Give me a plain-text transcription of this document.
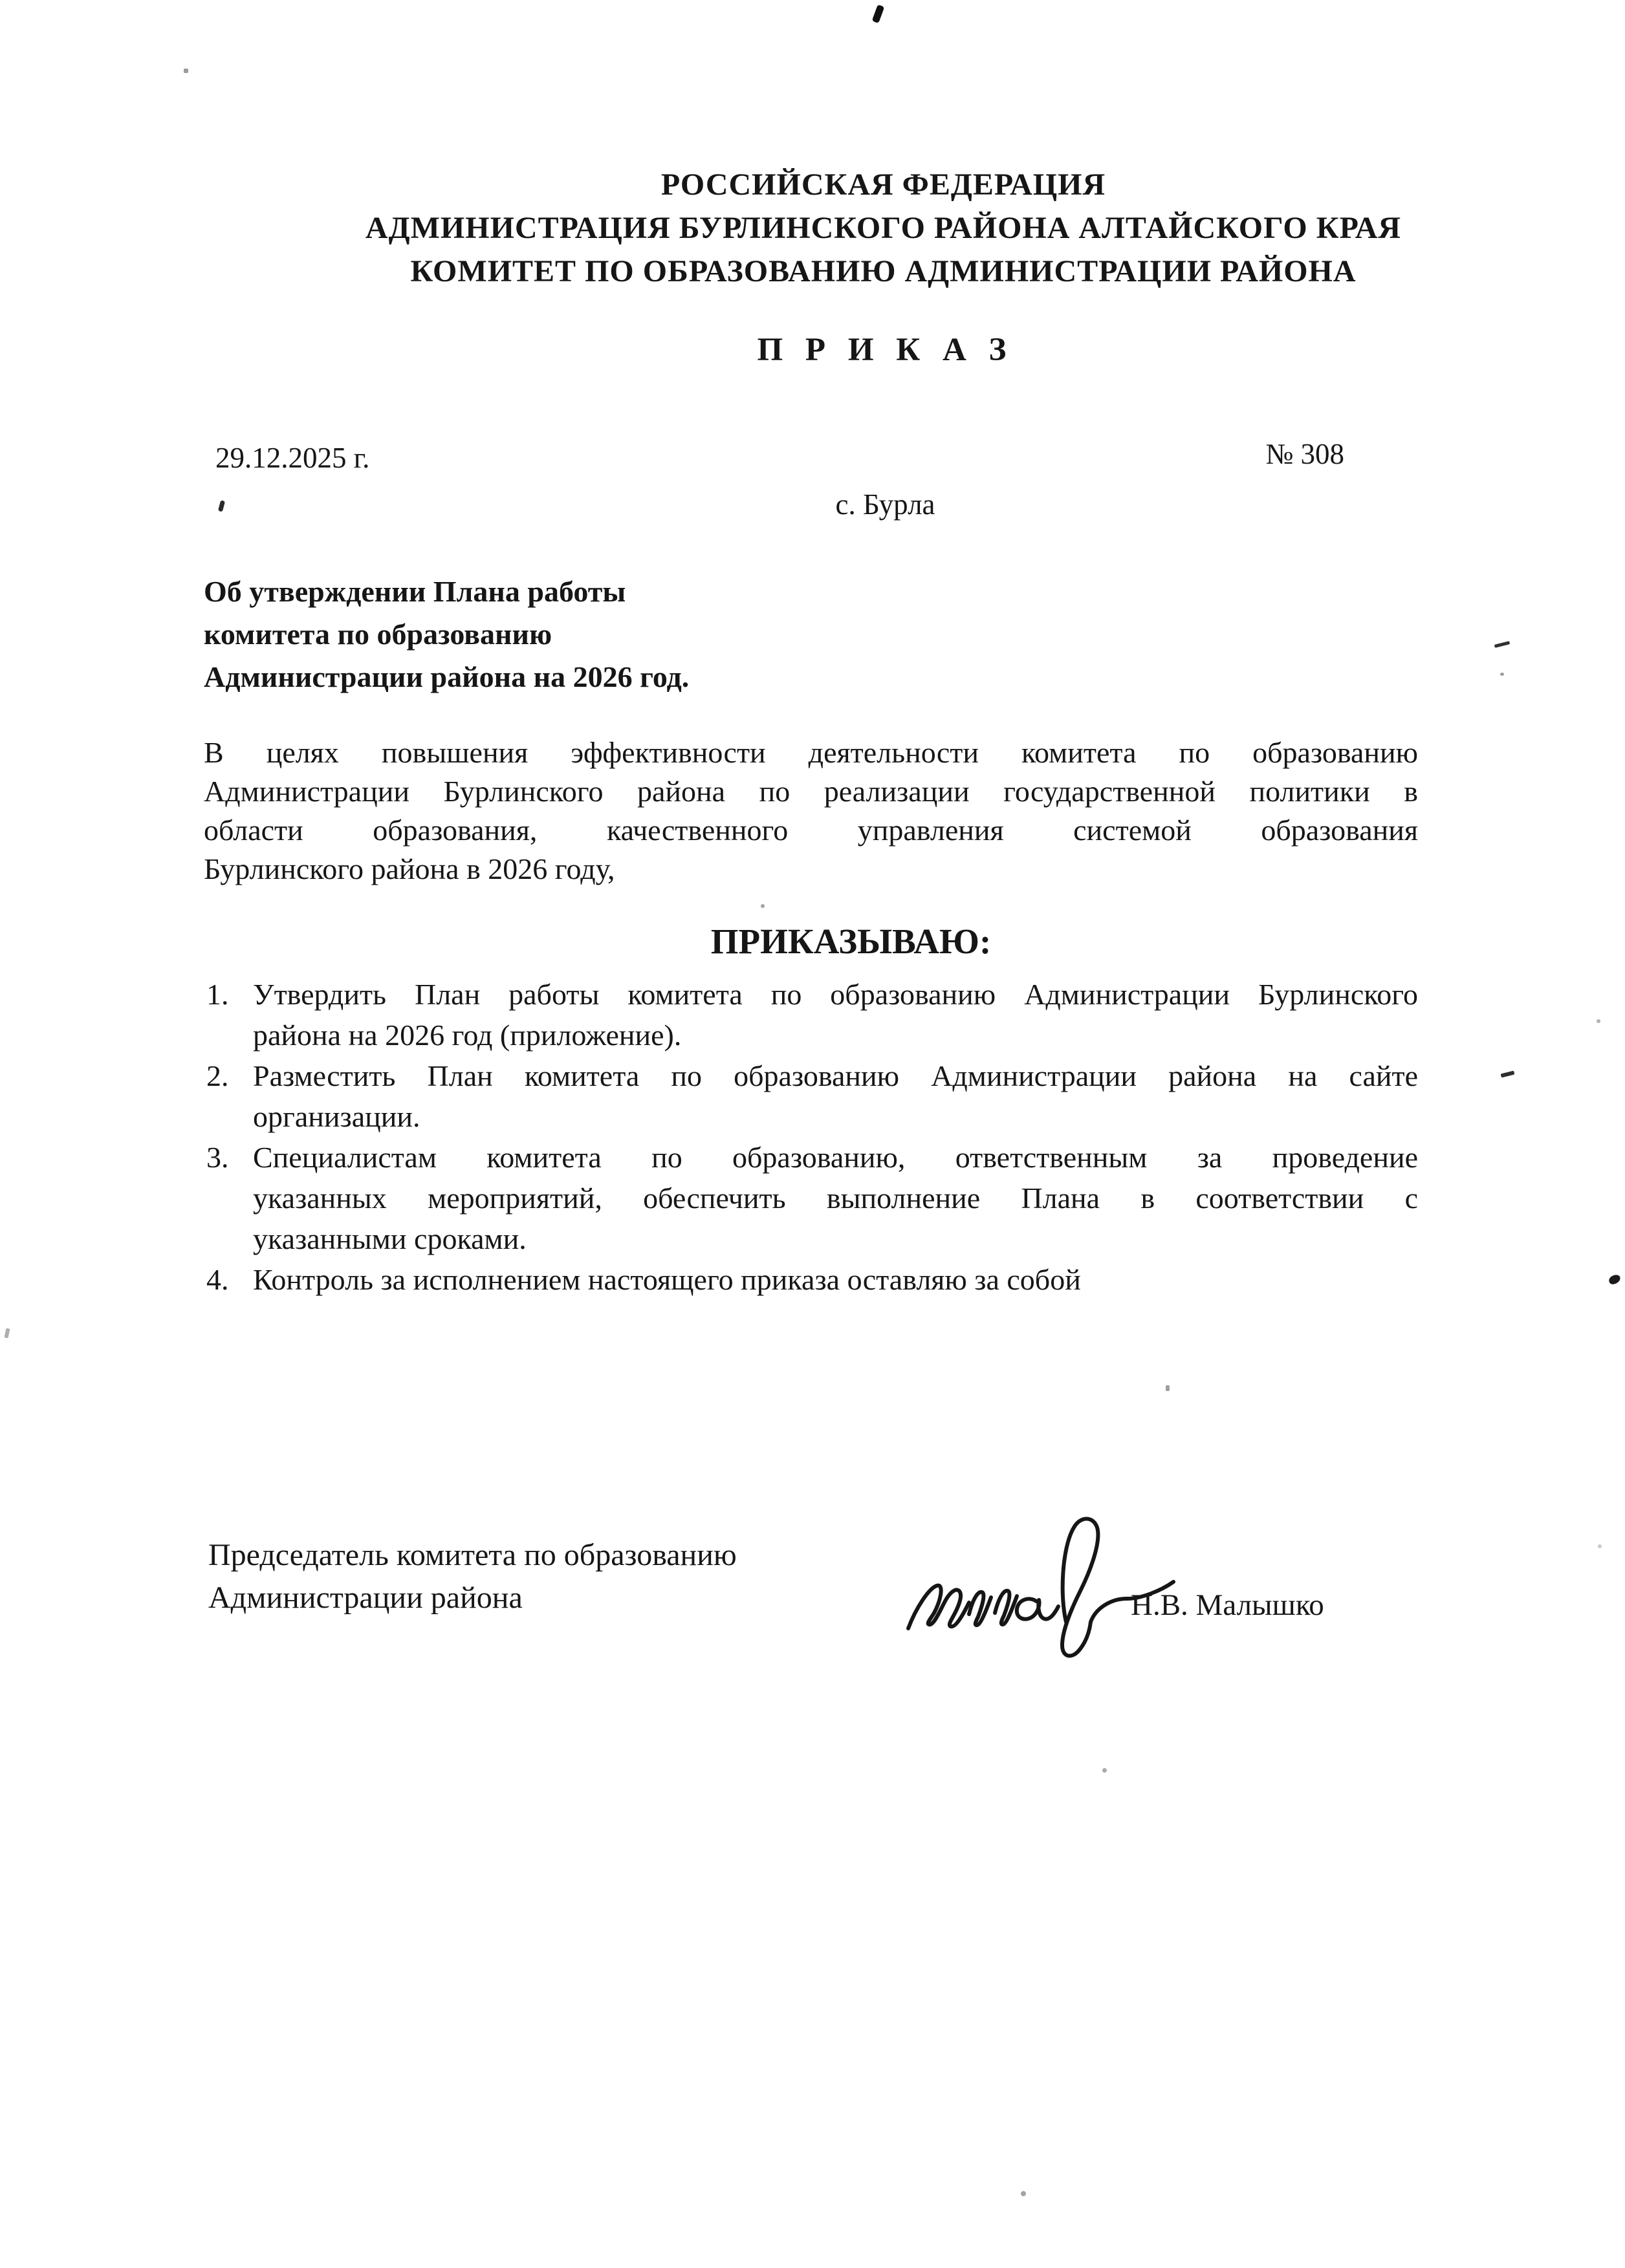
РОССИЙСКАЯ ФЕДЕРАЦИЯ
АДМИНИСТРАЦИЯ БУРЛИНСКОГО РАЙОНА АЛТАЙСКОГО КРАЯ
КОМИТЕТ ПО ОБРАЗОВАНИЮ АДМИНИСТРАЦИИ РАЙОНА
П Р И К А З
29.12.2025 г.	№ 308
с. Бурла
Об утверждении Плана работы
комитета по образованию
Администрации района на 2026 год.
В целях повышения эффективности деятельности комитета по образованию
Администрации Бурлинского района по реализации государственной политики в
области образования, качественного управления системой образования
Бурлинского района в 2026 году,
ПРИКАЗЫВАЮ:
1. Утвердить План работы комитета по образованию Администрации Бурлинского
района на 2026 год (приложение).
2. Разместить План комитета по образованию Администрации района на сайте
организации.
3. Специалистам комитета по образованию, ответственным за проведение
указанных мероприятий, обеспечить выполнение Плана в соответствии с
указанными сроками.
4. Контроль за исполнением настоящего приказа оставляю за собой
Председатель комитета по образованию
Администрации района	Н.В. Малышко
